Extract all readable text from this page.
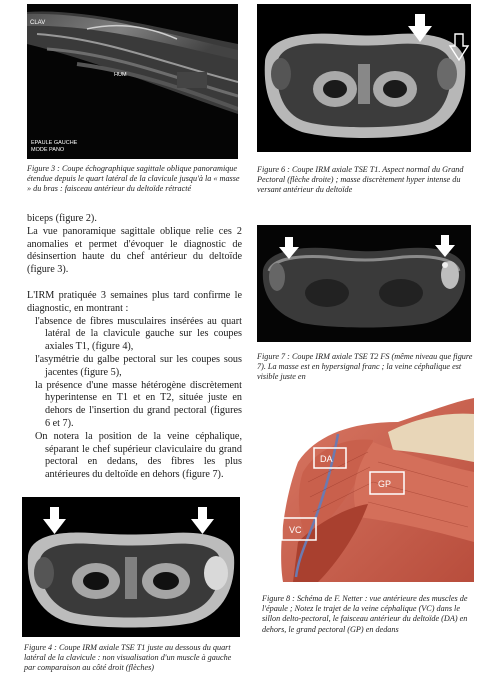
CLAV
HUM
EPAULE GAUCHE
MODE PANO
Figure 3 : Coupe échographique sagittale oblique panoramique étendue depuis le quart latéral de la clavicule jusqu'à la « masse » du bras : faisceau antérieur du deltoïde rétracté
Figure 6 : Coupe IRM axiale TSE T1. Aspect normal du Grand Pectoral (flèche droite) ; masse discrètement hyper intense du versant antérieur du deltoïde

biceps (figure 2).

La vue panoramique sagittale oblique relie ces 2 anomalies et permet d'évoquer le diagnostic de désinsertion haute du chef antérieur du deltoïde (figure 3).

L'IRM pratiquée 3 semaines plus tard confirme le diagnostic, en montrant :

l'absence de fibres musculaires insérées au quart latéral de la clavicule gauche sur les coupes axiales T1, (figure 4),

l'asymétrie du galbe pectoral sur les coupes sous jacentes (figure 5),

la présence d'une masse hétérogène discrètement hyperintense en T1 et en T2, située juste en dehors de l'insertion du grand pectoral (figures 6 et 7).

On notera la position de la veine céphalique, séparant le chef supérieur claviculaire du grand pectoral en dedans, des fibres les plus antérieures du deltoïde en dehors (figure 7).

Figure 7 : Coupe IRM axiale TSE T2 FS (même niveau que figure 7). La masse est en hypersignal franc ; la veine céphalique est visible juste en
DA
GP
VC
Figure 8 : Schéma de F. Netter : vue antérieure des muscles de l'épaule ; Notez le trajet de la veine céphalique (VC) dans le sillon delto-pectoral, le faisceau antérieur du deltoïde (DA) en dehors, le grand pectoral (GP) en dedans
Figure 4 : Coupe IRM axiale TSE T1 juste au dessous du quart latéral de la clavicule : non visualisation d'un muscle à gauche par comparaison au côté droit (flèches)
